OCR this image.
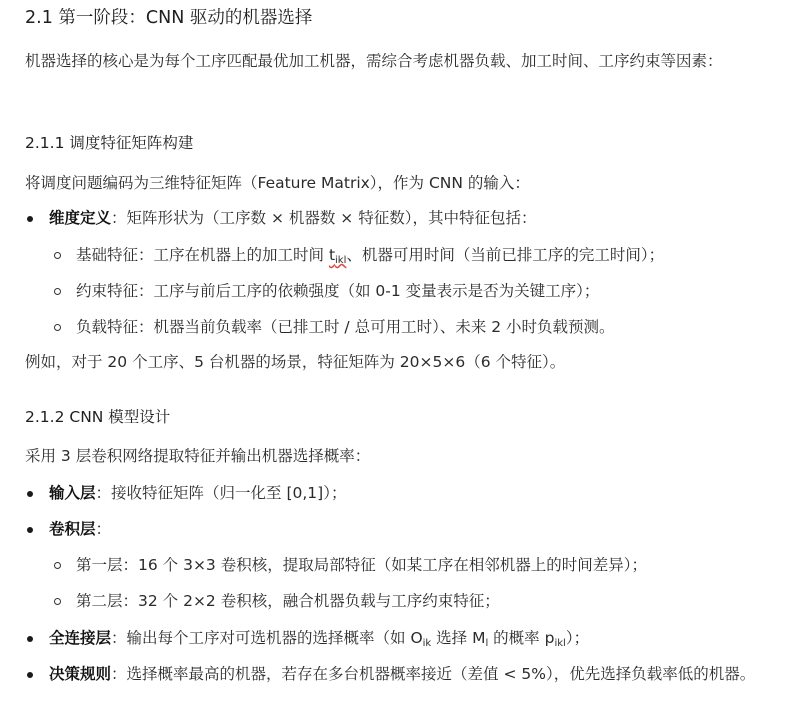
2.1 第一阶段：CNN 驱动的机器选择
机器选择的核心是为每个工序匹配最优加工机器，需综合考虑机器负载、加工时间、工序约束等因素：
2.1.1 调度特征矩阵构建
将调度问题编码为三维特征矩阵（Feature Matrix），作为 CNN 的输入：
维度定义：矩阵形状为（工序数 × 机器数 × 特征数），其中特征包括：
基础特征：工序在机器上的加工时间 $t_{ikl}$、机器可用时间（当前已排工序的完工时间）；
约束特征：工序与前后工序的依赖强度（如 0-1 变量表示是否为关键工序）；
负载特征：机器当前负载率（已排工时 / 总可用工时）、未来 2 小时负载预测。
例如，对于 20 个工序、5 台机器的场景，特征矩阵为 20×5×6（6 个特征）。
2.1.2 CNN 模型设计
采用 3 层卷积网络提取特征并输出机器选择概率：
输入层：接收特征矩阵（归一化至 [0,1]）；
卷积层：
第一层：16 个 3×3 卷积核，提取局部特征（如某工序在相邻机器上的时间差异）；
第二层：32 个 2×2 卷积核，融合机器负载与工序约束特征；
全连接层：输出每个工序对可选机器的选择概率（如 $O_{ik}$ 选择 $M_l$ 的概率 $p_{ikl}$）；
决策规则：选择概率最高的机器，若存在多台机器概率接近（差值 < 5%），优先选择负载率低的机器。
